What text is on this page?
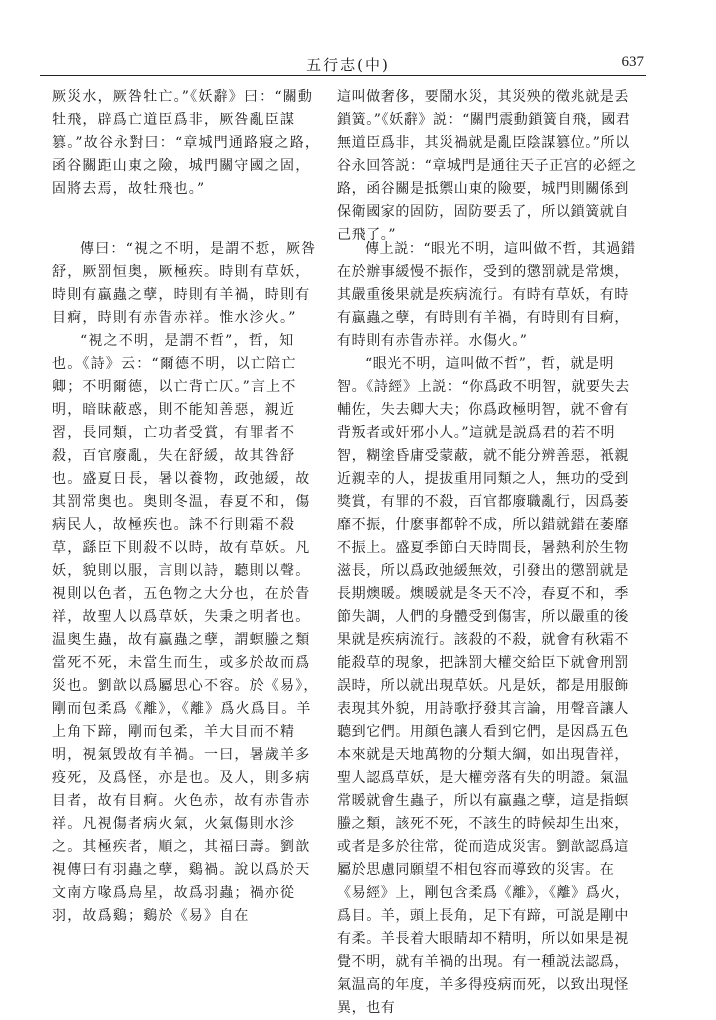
五行志(中)	637

厥災水，厥咎牡亡。”《妖辭》曰：“關動牡飛，辟爲亡道臣爲非，厥咎亂臣謀篡。”故谷永對曰：“章城門通路寢之路，函谷關距山東之險，城門關守國之固，固將去焉，故牡飛也。”

這叫做奢侈，要鬧水災，其災殃的徵兆就是丢鎖簧。”《妖辭》説：“關門震動鎖簧自飛，國君無道臣爲非，其災禍就是亂臣陰謀篡位。”所以谷永回答説：“章城門是通往天子正宫的必經之路，函谷關是抵禦山東的險要，城門則關係到保衛國家的固防，固防要丢了，所以鎖簧就自己飛了。”

傳曰：“視之不明，是謂不悊，厥咎舒，厥罰恒奥，厥極疾。時則有草妖，時則有蠃蟲之孽，時則有羊禍，時則有目痾，時則有赤眚赤祥。惟水沴火。”

“視之不明，是謂不哲”，哲，知也。《詩》云：“爾德不明，以亡陪亡卿；不明爾德，以亡背亡仄。”言上不明，暗昧蔽惑，則不能知善惡，親近習，長同類，亡功者受賞，有罪者不殺，百官廢亂，失在舒緩，故其咎舒也。盛夏日長，暑以養物，政弛緩，故其罰常奥也。奥則冬温，春夏不和，傷病民人，故極疾也。誅不行則霜不殺草，繇臣下則殺不以時，故有草妖。凡妖，貌則以服，言則以詩，聽則以聲。視則以色者，五色物之大分也，在於眚祥，故聖人以爲草妖，失秉之明者也。温奥生蟲，故有蠃蟲之孽，謂螟螣之類當死不死，未當生而生，或多於故而爲災也。劉歆以爲屬思心不容。於《易》，剛而包柔爲《離》，《離》爲火爲目。羊上角下蹄，剛而包柔，羊大目而不精明，視氣毁故有羊禍。一曰，暑歲羊多疫死，及爲怪，亦是也。及人，則多病目者，故有目痾。火色赤，故有赤眚赤祥。凡視傷者病火氣，火氣傷則水沴之。其極疾者，順之，其福曰壽。劉歆視傳曰有羽蟲之孽，鷄禍。說以爲於天文南方喙爲鳥星，故爲羽蟲；禍亦從羽，故爲鷄；鷄於《易》自在

傳上説：“眼光不明，這叫做不哲，其過錯在於辦事緩慢不振作，受到的懲罰就是常燠，其嚴重後果就是疾病流行。有時有草妖，有時有蠃蟲之孽，有時則有羊禍，有時則有目痾，有時則有赤眚赤祥。水傷火。”

“眼光不明，這叫做不哲”，哲，就是明智。《詩經》上説：“你爲政不明智，就要失去輔佐，失去卿大夫；你爲政極明智，就不會有背叛者或奸邪小人。”這就是説爲君的若不明智，糊塗昏庸受蒙蔽，就不能分辨善惡，衹親近親幸的人，提拔重用同類之人，無功的受到獎賞，有罪的不殺，百官都廢職亂行，因爲萎靡不振，什麽事都幹不成，所以錯就錯在萎靡不振上。盛夏季節白天時間長，暑熱利於生物滋長，所以爲政弛緩無效，引發出的懲罰就是長期燠暖。燠暖就是冬天不冷，春夏不和，季節失調，人們的身體受到傷害，所以嚴重的後果就是疾病流行。該殺的不殺，就會有秋霜不能殺草的現象，把誅罰大權交給臣下就會刑罰誤時，所以就出現草妖。凡是妖，都是用服飾表現其外貌，用詩歌抒發其言論，用聲音讓人聽到它們。用顔色讓人看到它們，是因爲五色本來就是天地萬物的分類大綱，如出現眚祥，聖人認爲草妖，是大權旁落有失的明證。氣温常暖就會生蟲子，所以有蠃蟲之孽，這是指螟螣之類，該死不死，不該生的時候却生出來，或者是多於往常，從而造成災害。劉歆認爲這屬於思慮同願望不相包容而導致的災害。在《易經》上，剛包含柔爲《離》，《離》爲火，爲目。羊，頭上長角，足下有蹄，可説是剛中有柔。羊長着大眼睛却不精明，所以如果是視覺不明，就有羊禍的出現。有一種説法認爲，氣温高的年度，羊多得疫病而死，以致出現怪異，也有
